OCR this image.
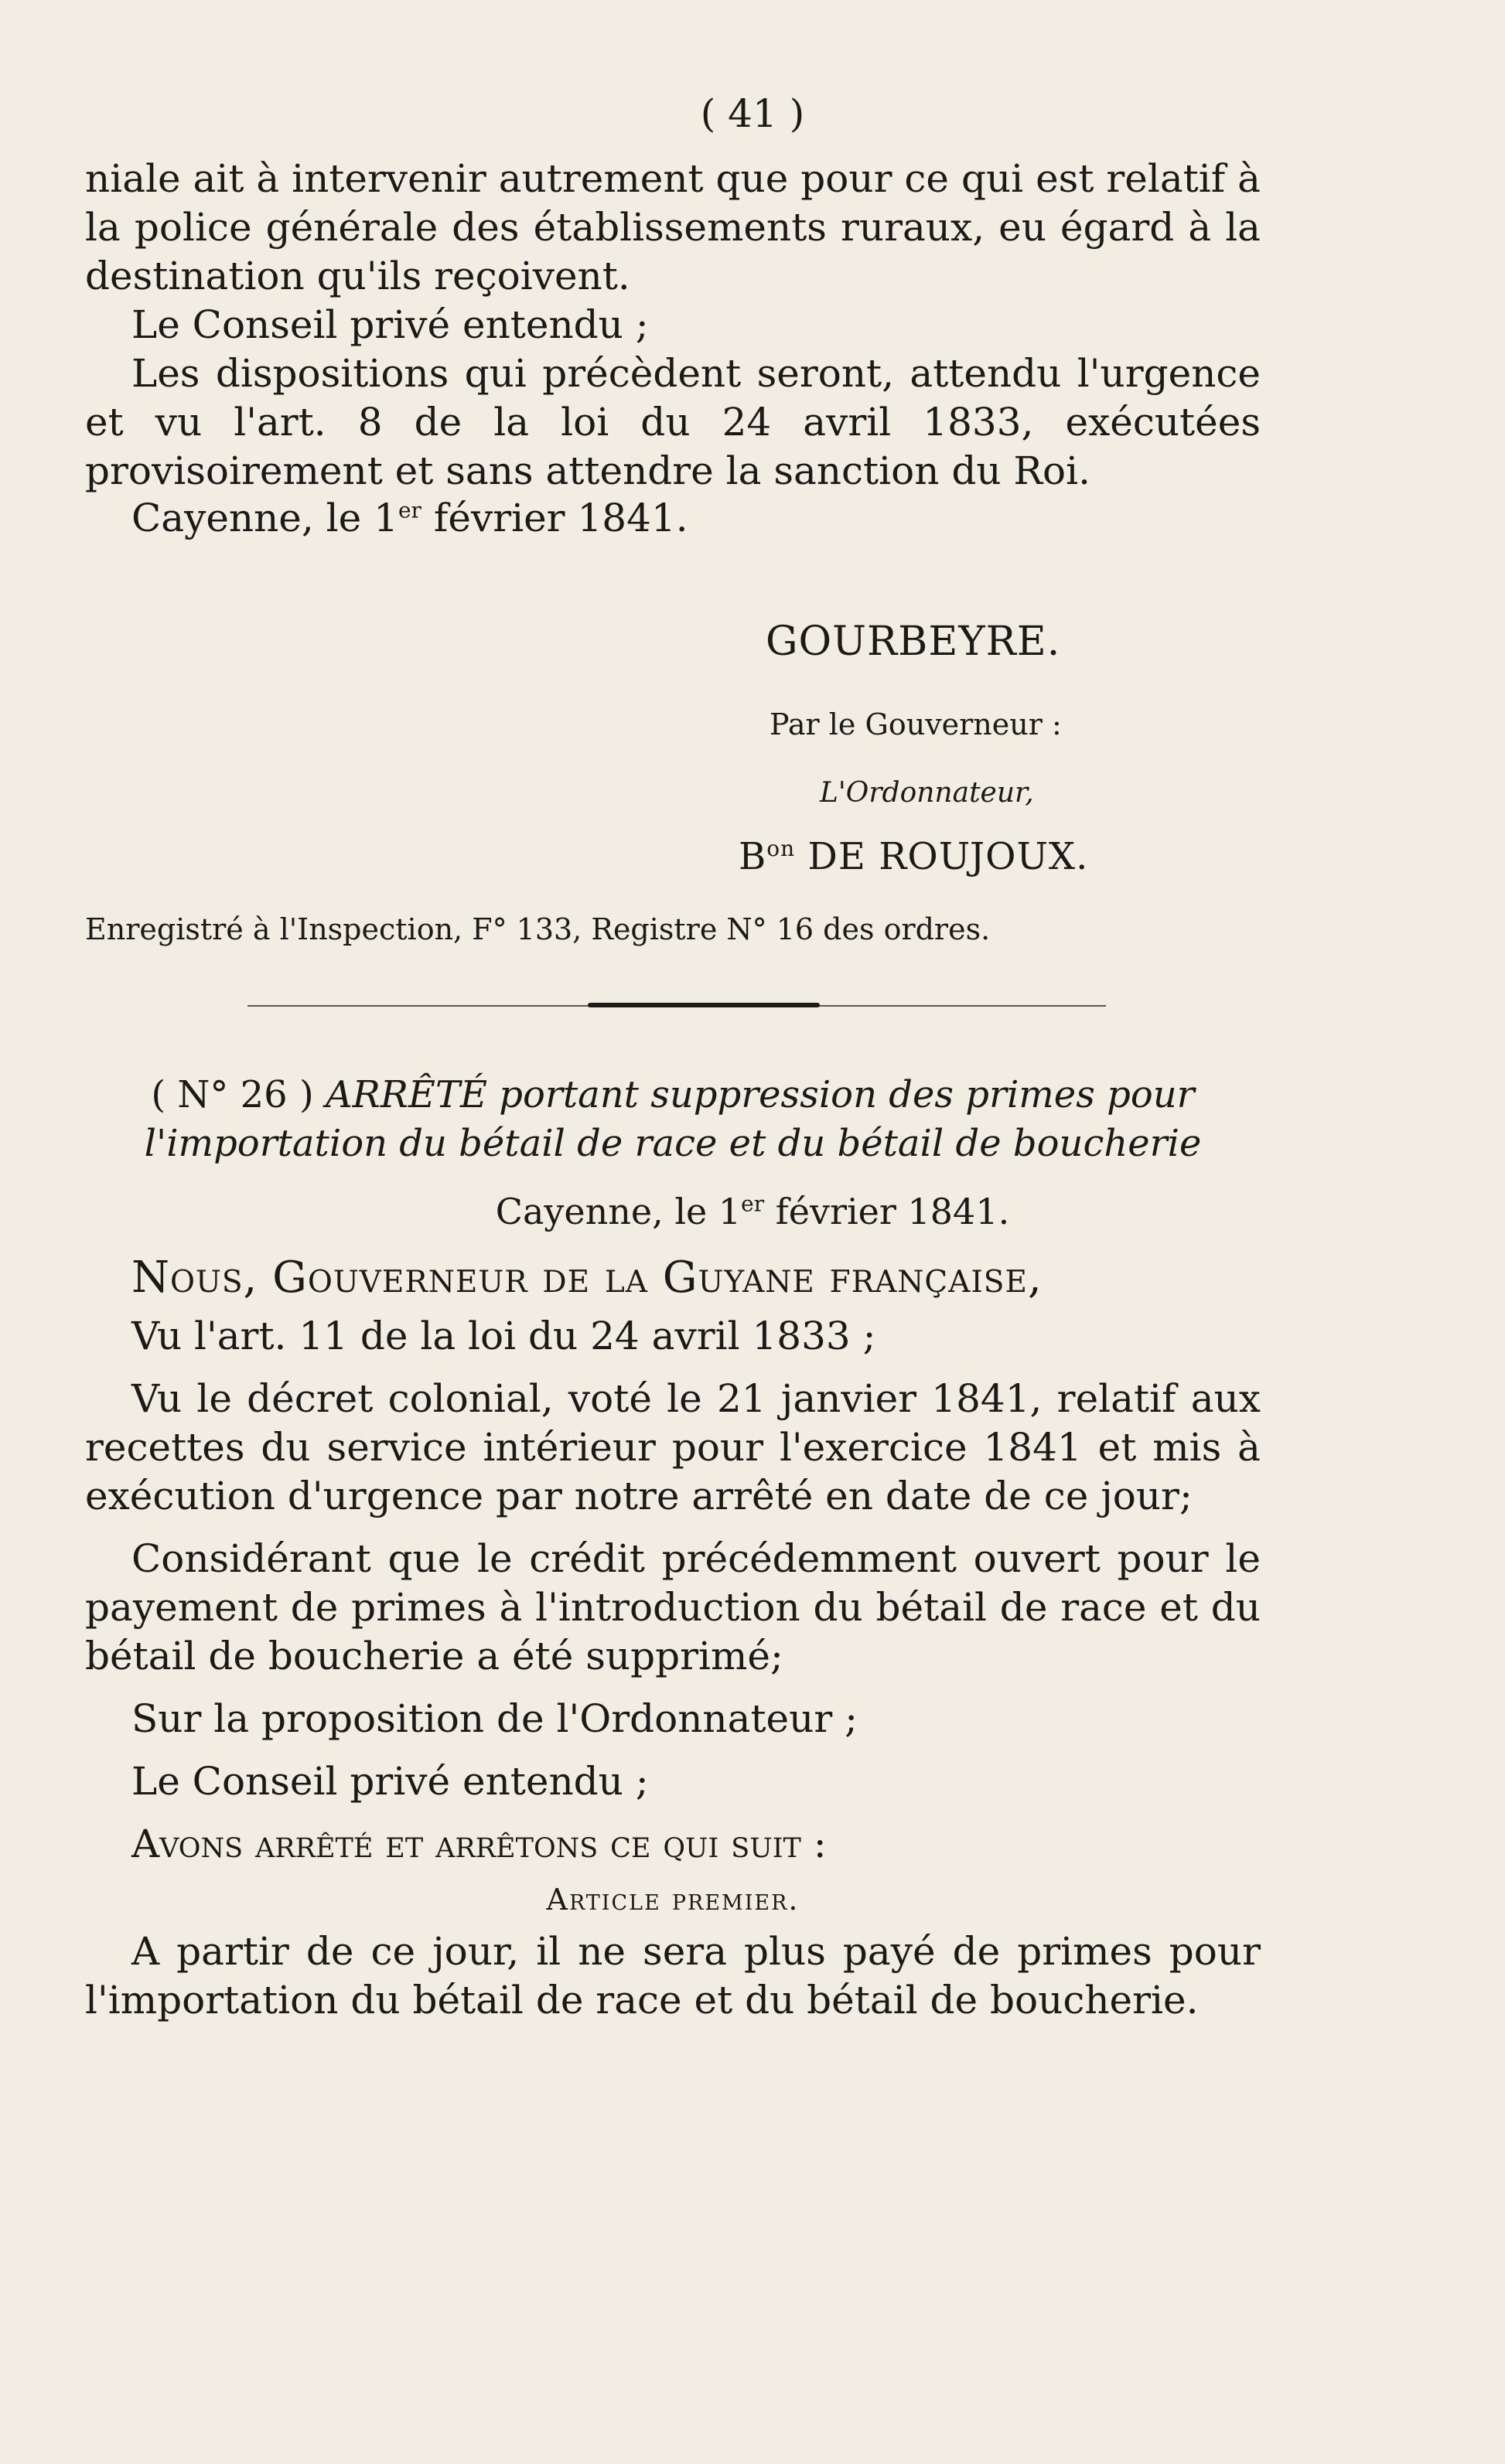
( 41 )

niale ait à intervenir autrement que pour ce qui est relatif à la police générale des établissements ruraux, eu égard à la destination qu'ils reçoivent.

Le Conseil privé entendu ;

Les dispositions qui précèdent seront, attendu l'urgence et vu l'art. 8 de la loi du 24 avril 1833, exécutées provisoirement et sans attendre la sanction du Roi.

Cayenne, le 1er février 1841.

GOURBEYRE.
Par le Gouverneur :
L'Ordonnateur,
$B^{on}$ DE ROUJOUX.
Enregistré à l'Inspection, F° 133, Registre N° 16 des ordres.
( N° 26 ) ARRÊTÉ portant suppression des primes pour l'importation du bétail de race et du bétail de boucherie
Cayenne, le 1er février 1841.

Nous, Gouverneur de la Guyane française,

Vu l'art. 11 de la loi du 24 avril 1833 ;

Vu le décret colonial, voté le 21 janvier 1841, relatif aux recettes du service intérieur pour l'exercice 1841 et mis à exécution d'urgence par notre arrêté en date de ce jour;

Considérant que le crédit précédemment ouvert pour le payement de primes à l'introduction du bétail de race et du bétail de boucherie a été supprimé;

Sur la proposition de l'Ordonnateur ;

Le Conseil privé entendu ;

Avons arrêté et arrêtons ce qui suit :

Article premier.

A partir de ce jour, il ne sera plus payé de primes pour l'importation du bétail de race et du bétail de boucherie.
